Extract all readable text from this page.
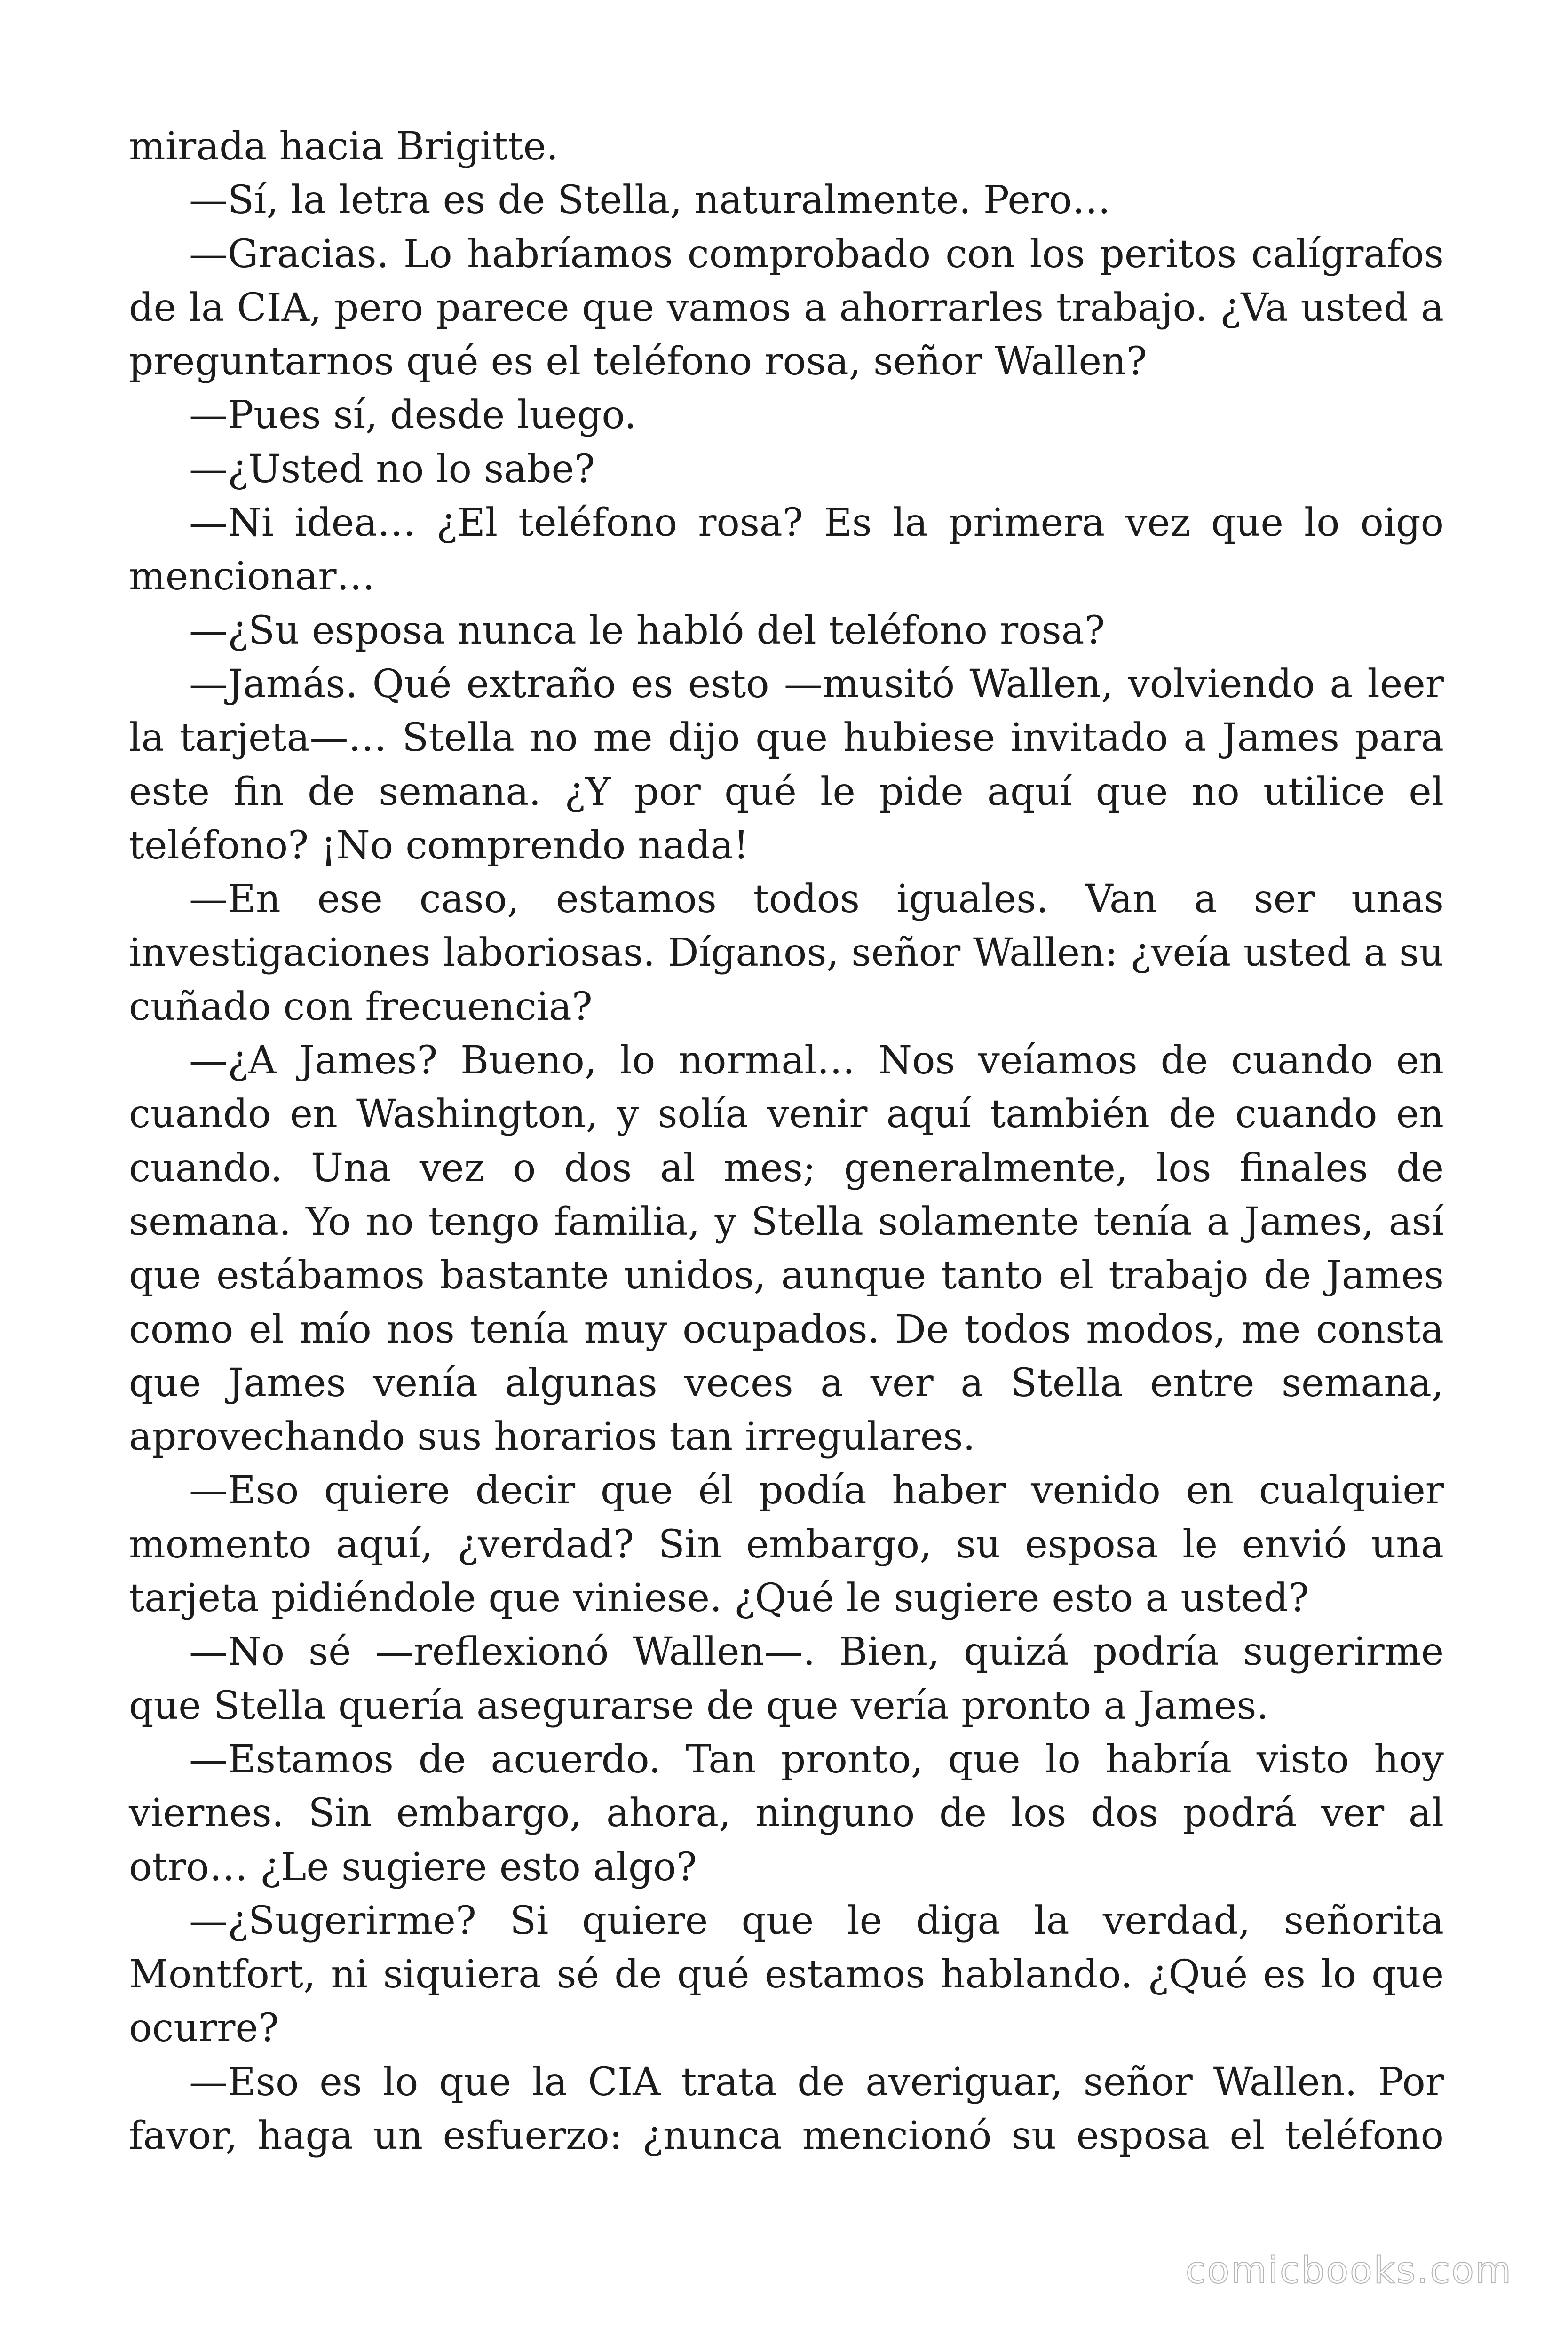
mirada hacia Brigitte.

—Sí, la letra es de Stella, naturalmente. Pero…

—Gracias. Lo habríamos comprobado con los peritos calígrafos de la CIA, pero parece que vamos a ahorrarles trabajo. ¿Va usted a preguntarnos qué es el teléfono rosa, señor Wallen?

—Pues sí, desde luego.

—¿Usted no lo sabe?

—Ni idea… ¿El teléfono rosa? Es la primera vez que lo oigo mencionar…

—¿Su esposa nunca le habló del teléfono rosa?

—Jamás. Qué extraño es esto —musitó Wallen, volviendo a leer la tarjeta—… Stella no me dijo que hubiese invitado a James para este fin de semana. ¿Y por qué le pide aquí que no utilice el teléfono? ¡No comprendo nada!

—En ese caso, estamos todos iguales. Van a ser unas investigaciones laboriosas. Díganos, señor Wallen: ¿veía usted a su cuñado con frecuencia?

—¿A James? Bueno, lo normal… Nos veíamos de cuando en cuando en Washington, y solía venir aquí también de cuando en cuando. Una vez o dos al mes; generalmente, los finales de semana. Yo no tengo familia, y Stella solamente tenía a James, así que estábamos bastante unidos, aunque tanto el trabajo de James como el mío nos tenía muy ocupados. De todos modos, me consta que James venía algunas veces a ver a Stella entre semana, aprovechando sus horarios tan irregulares.

—Eso quiere decir que él podía haber venido en cualquier momento aquí, ¿verdad? Sin embargo, su esposa le envió una tarjeta pidiéndole que viniese. ¿Qué le sugiere esto a usted?

—No sé —reflexionó Wallen—. Bien, quizá podría sugerirme que Stella quería asegurarse de que vería pronto a James.

—Estamos de acuerdo. Tan pronto, que lo habría visto hoy viernes. Sin embargo, ahora, ninguno de los dos podrá ver al otro… ¿Le sugiere esto algo?

—¿Sugerirme? Si quiere que le diga la verdad, señorita Montfort, ni siquiera sé de qué estamos hablando. ¿Qué es lo que ocurre?

—Eso es lo que la CIA trata de averiguar, señor Wallen. Por favor, haga un esfuerzo: ¿nunca mencionó su esposa el teléfono

comicbooks.com
